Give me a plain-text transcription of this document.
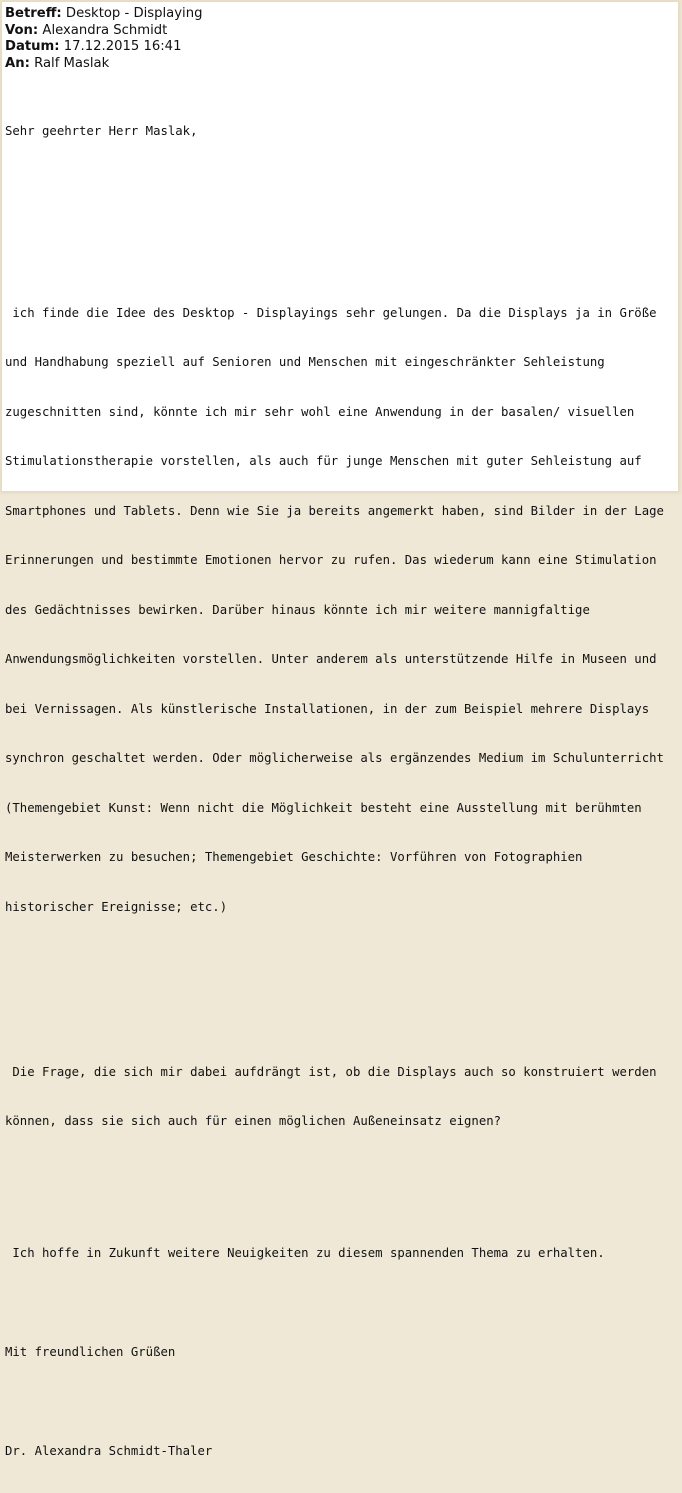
Betreff: Desktop - Displaying
Von: Alexandra Schmidt
Datum: 17.12.2015 16:41
An: Ralf Maslak

Sehr geehrter Herr Maslak,

ich finde die Idee des Desktop - Displayings sehr gelungen. Da die Displays ja in Größe

und Handhabung speziell auf Senioren und Menschen mit eingeschränkter Sehleistung

zugeschnitten sind, könnte ich mir sehr wohl eine Anwendung in der basalen/ visuellen

Stimulationstherapie vorstellen, als auch für junge Menschen mit guter Sehleistung auf

Smartphones und Tablets. Denn wie Sie ja bereits angemerkt haben, sind Bilder in der Lage

Erinnerungen und bestimmte Emotionen hervor zu rufen. Das wiederum kann eine Stimulation

des Gedächtnisses bewirken. Darüber hinaus könnte ich mir weitere mannigfaltige

Anwendungsmöglichkeiten vorstellen. Unter anderem als unterstützende Hilfe in Museen und

bei Vernissagen. Als künstlerische Installationen, in der zum Beispiel mehrere Displays

synchron geschaltet werden. Oder möglicherweise als ergänzendes Medium im Schulunterricht

(Themengebiet Kunst: Wenn nicht die Möglichkeit besteht eine Ausstellung mit berühmten

Meisterwerken zu besuchen; Themengebiet Geschichte: Vorführen von Fotographien

historischer Ereignisse; etc.)

Die Frage, die sich mir dabei aufdrängt ist, ob die Displays auch so konstruiert werden

können, dass sie sich auch für einen möglichen Außeneinsatz eignen?

Ich hoffe in Zukunft weitere Neuigkeiten zu diesem spannenden Thema zu erhalten.

Mit freundlichen Grüßen

Dr. Alexandra Schmidt-Thaler
